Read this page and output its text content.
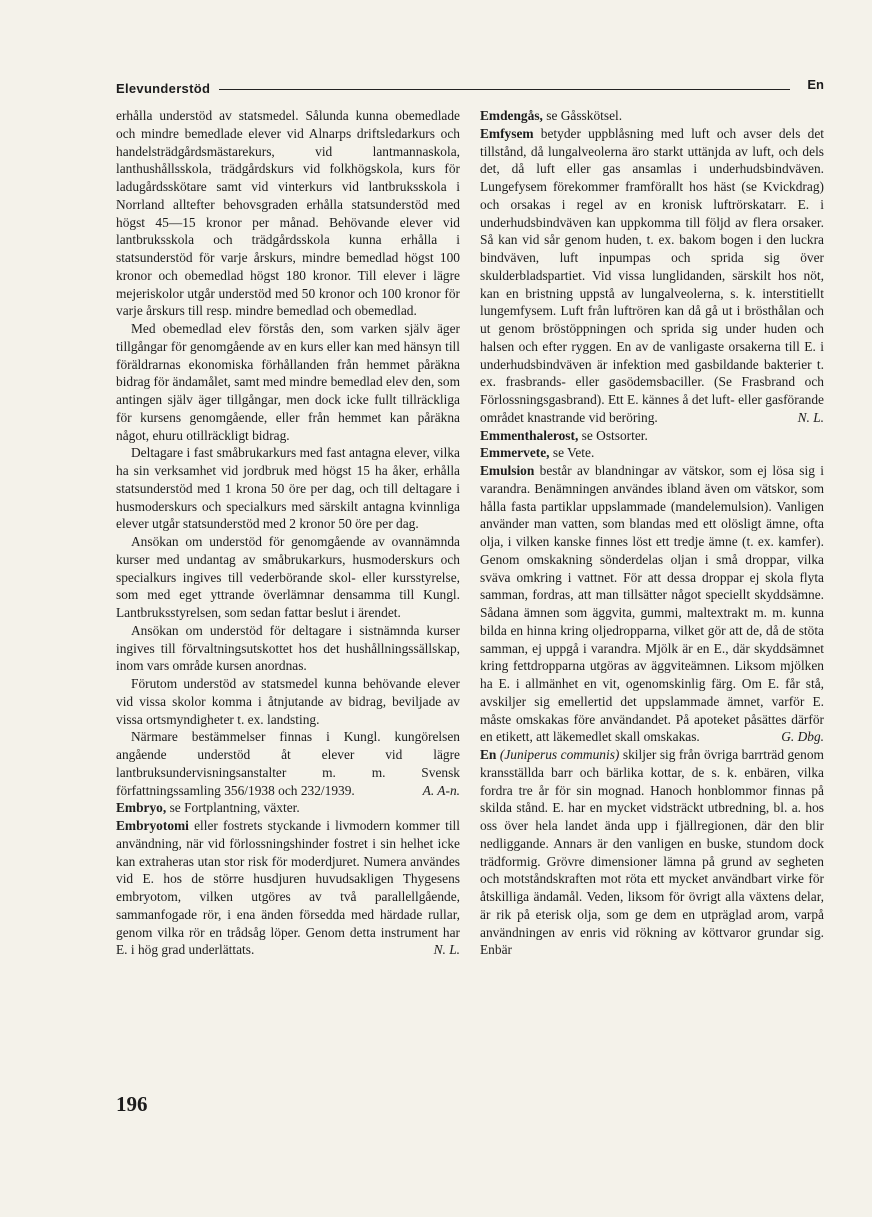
Elevunderstöd	En

erhålla understöd av statsmedel. Sålunda kunna obemedlade och mindre bemedlade elever vid Alnarps driftsledarkurs och handelsträdgårdsmästarekurs, vid lantmannaskola, lanthushållsskola, trädgårdskurs vid folkhögskola, kurs för ladugårdsskötare samt vid vinterkurs vid lantbruksskola i Norrland alltefter behovsgraden erhålla statsunderstöd med högst 45—15 kronor per månad. Behövande elever vid lantbruksskola och trädgårdsskola kunna erhålla i statsunderstöd för varje årskurs, mindre bemedlad högst 100 kronor och obemedlad högst 180 kronor. Till elever i lägre mejeriskolor utgår understöd med 50 kronor och 100 kronor för varje årskurs till resp. mindre bemedlad och obemedlad.

Med obemedlad elev förstås den, som varken själv äger tillgångar för genomgående av en kurs eller kan med hänsyn till föräldrarnas ekonomiska förhållanden från hemmet påräkna bidrag för ändamålet, samt med mindre bemedlad elev den, som antingen själv äger tillgångar, men dock icke fullt tillräckliga för kursens genomgående, eller från hemmet kan påräkna något, ehuru otillräckligt bidrag.

Deltagare i fast småbrukarkurs med fast antagna elever, vilka ha sin verksamhet vid jordbruk med högst 15 ha åker, erhålla statsunderstöd med 1 krona 50 öre per dag, och till deltagare i husmoderskurs och specialkurs med särskilt antagna kvinnliga elever utgår statsunderstöd med 2 kronor 50 öre per dag.

Ansökan om understöd för genomgående av ovannämnda kurser med undantag av småbrukarkurs, husmoderskurs och specialkurs ingives till vederbörande skol- eller kursstyrelse, som med eget yttrande överlämnar densamma till Kungl. Lantbruksstyrelsen, som sedan fattar beslut i ärendet.

Ansökan om understöd för deltagare i sistnämnda kurser ingives till förvaltningsutskottet hos det hushållningssällskap, inom vars område kursen anordnas.

Förutom understöd av statsmedel kunna behövande elever vid vissa skolor komma i åtnjutande av bidrag, beviljade av vissa ortsmyndigheter t. ex. landsting.

Närmare bestämmelser finnas i Kungl. kungörelsen angående understöd åt elever vid lägre lantbruksundervisningsanstalter m. m. Svensk författningssamling 356/1938 och 232/1939.	A. A-n.

Embryo, se Fortplantning, växter.

Embryotomi eller fostrets styckande i livmodern kommer till användning, när vid förlossningshinder fostret i sin helhet icke kan extraheras utan stor risk för moderdjuret. Numera användes vid E. hos de större husdjuren huvudsakligen Thygesens embryotom, vilken utgöres av två parallellgående, sammanfogade rör, i ena änden försedda med härdade rullar, genom vilka rör en trådsåg löper. Genom detta instrument har E. i hög grad underlättats.	N. L.

Emdengås, se Gåsskötsel.

Emfysem betyder uppblåsning med luft och avser dels det tillstånd, då lungalveolerna äro starkt uttänjda av luft, och dels det, då luft eller gas ansamlas i underhudsbindväven. Lungefysem förekommer framförallt hos häst (se Kvickdrag) och orsakas i regel av en kronisk luftrörskatarr. E. i underhudsbindväven kan uppkomma till följd av flera orsaker. Så kan vid sår genom huden, t. ex. bakom bogen i den luckra bindväven, luft inpumpas och sprida sig över skulderbladspartiet. Vid vissa lunglidanden, särskilt hos nöt, kan en bristning uppstå av lungalveolerna, s. k. interstitiellt lungemfysem. Luft från luftrören kan då gå ut i brösthålan och ut genom bröstöppningen och sprida sig under huden och halsen och efter ryggen. En av de vanligaste orsakerna till E. i underhudsbindväven är infektion med gasbildande bakterier t. ex. frasbrands- eller gasödemsbaciller. (Se Frasbrand och Förlossningsgasbrand). Ett E. kännes å det luft- eller gasförande området knastrande vid beröring.	N. L.

Emmenthalerost, se Ostsorter.

Emmervete, se Vete.

Emulsion består av blandningar av vätskor, som ej lösa sig i varandra. Benämningen användes ibland även om vätskor, som hålla fasta partiklar uppslammade (mandelemulsion). Vanligen använder man vatten, som blandas med ett olösligt ämne, ofta olja, i vilken kanske finnes löst ett tredje ämne (t. ex. kamfer). Genom omskakning sönderdelas oljan i små droppar, vilka sväva omkring i vattnet. För att dessa droppar ej skola flyta samman, fordras, att man tillsätter något speciellt skyddsämne. Sådana ämnen som äggvita, gummi, maltextrakt m. m. kunna bilda en hinna kring oljedropparna, vilket gör att de, då de stöta samman, ej uppgå i varandra. Mjölk är en E., där skyddsämnet kring fettdropparna utgöras av äggviteämnen. Liksom mjölken ha E. i allmänhet en vit, ogenomskinlig färg. Om E. får stå, avskiljer sig emellertid det uppslammade ämnet, varför E. måste omskakas före användandet. På apoteket påsättes därför en etikett, att läkemedlet skall omskakas.	G. Dbg.

En (Juniperus communis) skiljer sig från övriga barrträd genom kransställda barr och bärlika kottar, de s. k. enbären, vilka fordra tre år för sin mognad. Hanoch honblommor finnas på skilda stånd. E. har en mycket vidsträckt utbredning, bl. a. hos oss över hela landet ända upp i fjällregionen, där den blir nedliggande. Annars är den vanligen en buske, stundom dock trädformig. Grövre dimensioner lämna på grund av segheten och motståndskraften mot röta ett mycket användbart virke för åtskilliga ändamål. Veden, liksom för övrigt alla växtens delar, är rik på eterisk olja, som ge dem en utpräglad arom, varpå användningen av enris vid rökning av köttvaror grundar sig. Enbär

196
